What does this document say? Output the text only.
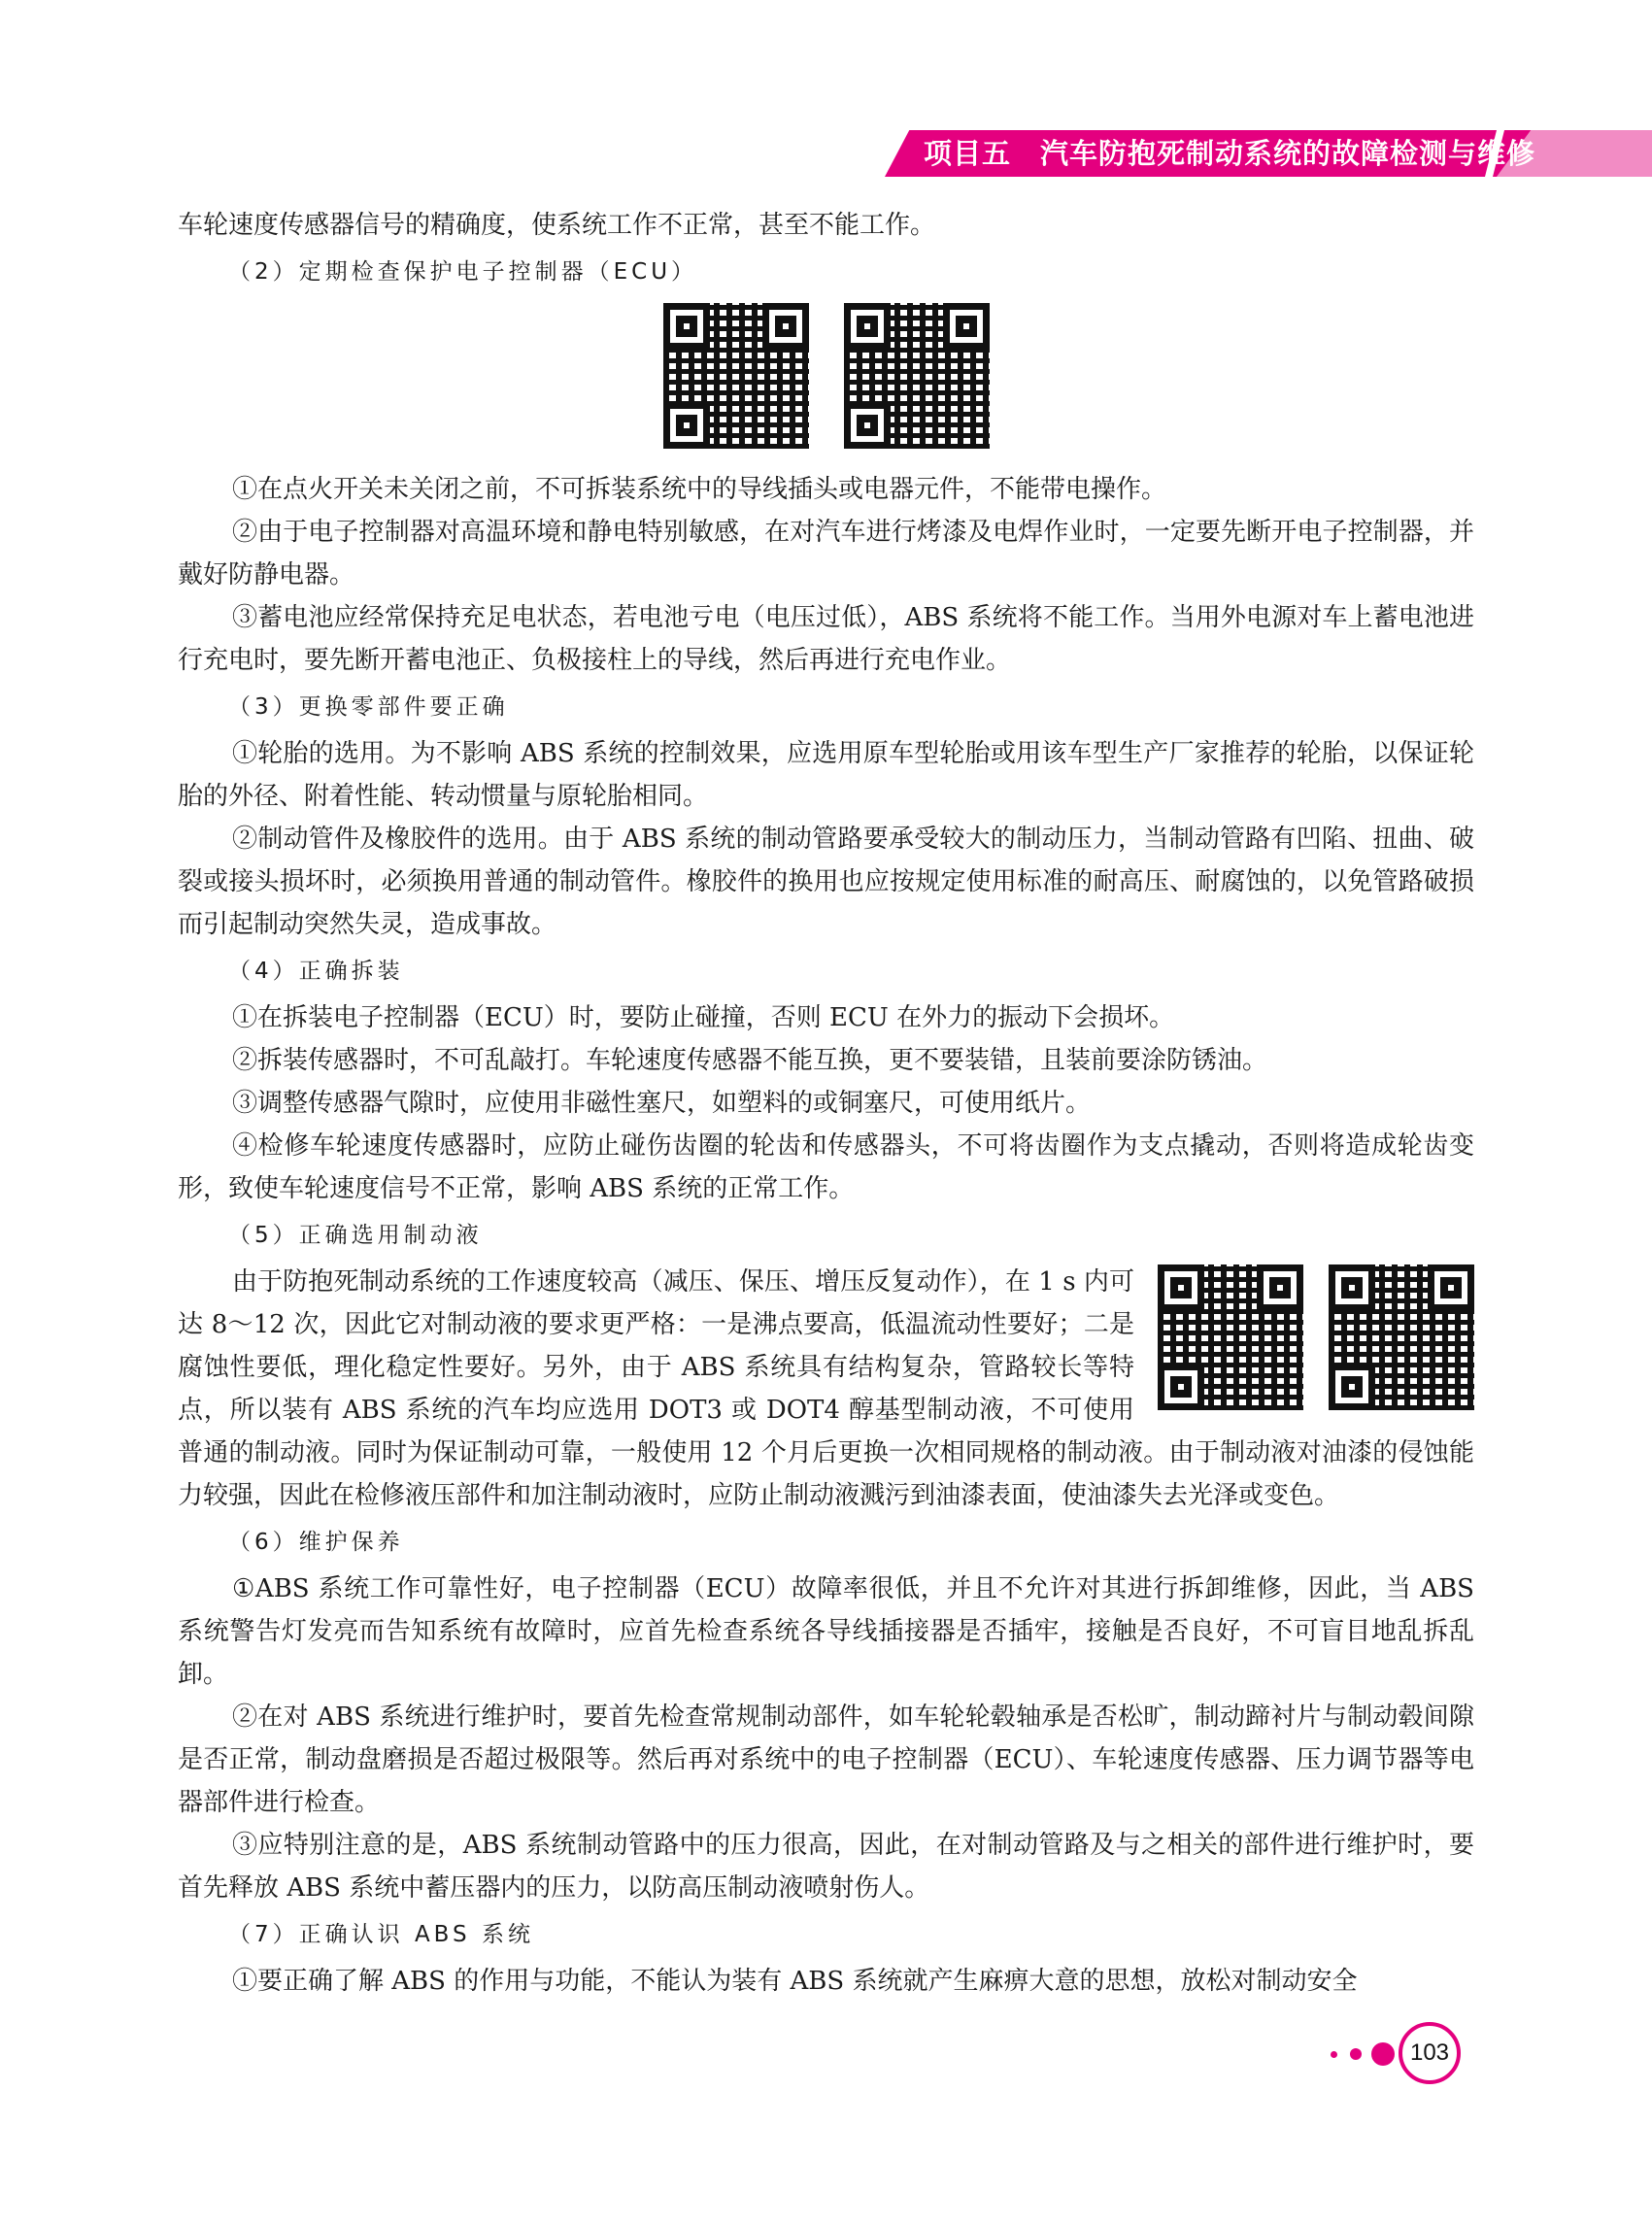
项目五　汽车防抱死制动系统的故障检测与维修

车轮速度传感器信号的精确度，使系统工作不正常，甚至不能工作。

（2）定期检查保护电子控制器（ECU）

①在点火开关未关闭之前，不可拆装系统中的导线插头或电器元件，不能带电操作。

②由于电子控制器对高温环境和静电特别敏感，在对汽车进行烤漆及电焊作业时，一定要先断开电子控制器，并戴好防静电器。

③蓄电池应经常保持充足电状态，若电池亏电（电压过低），ABS 系统将不能工作。当用外电源对车上蓄电池进行充电时，要先断开蓄电池正、负极接柱上的导线，然后再进行充电作业。

（3）更换零部件要正确

①轮胎的选用。为不影响 ABS 系统的控制效果，应选用原车型轮胎或用该车型生产厂家推荐的轮胎，以保证轮胎的外径、附着性能、转动惯量与原轮胎相同。

②制动管件及橡胶件的选用。由于 ABS 系统的制动管路要承受较大的制动压力，当制动管路有凹陷、扭曲、破裂或接头损坏时，必须换用普通的制动管件。橡胶件的换用也应按规定使用标准的耐高压、耐腐蚀的，以免管路破损而引起制动突然失灵，造成事故。

（4）正确拆装

①在拆装电子控制器（ECU）时，要防止碰撞，否则 ECU 在外力的振动下会损坏。

②拆装传感器时，不可乱敲打。车轮速度传感器不能互换，更不要装错，且装前要涂防锈油。

③调整传感器气隙时，应使用非磁性塞尺，如塑料的或铜塞尺，可使用纸片。

④检修车轮速度传感器时，应防止碰伤齿圈的轮齿和传感器头，不可将齿圈作为支点撬动，否则将造成轮齿变形，致使车轮速度信号不正常，影响 ABS 系统的正常工作。

（5）正确选用制动液

由于防抱死制动系统的工作速度较高（减压、保压、增压反复动作），在 1 s 内可达 8～12 次，因此它对制动液的要求更严格：一是沸点要高，低温流动性要好；二是腐蚀性要低，理化稳定性要好。另外，由于 ABS 系统具有结构复杂，管路较长等特点，所以装有 ABS 系统的汽车均应选用 DOT3 或 DOT4 醇基型制动液，不可使用普通的制动液。同时为保证制动可靠，一般使用 12 个月后更换一次相同规格的制动液。由于制动液对油漆的侵蚀能力较强，因此在检修液压部件和加注制动液时，应防止制动液溅污到油漆表面，使油漆失去光泽或变色。

（6）维护保养

①ABS 系统工作可靠性好，电子控制器（ECU）故障率很低，并且不允许对其进行拆卸维修，因此，当 ABS 系统警告灯发亮而告知系统有故障时，应首先检查系统各导线插接器是否插牢，接触是否良好，不可盲目地乱拆乱卸。

②在对 ABS 系统进行维护时，要首先检查常规制动部件，如车轮轮毂轴承是否松旷，制动蹄衬片与制动毂间隙是否正常，制动盘磨损是否超过极限等。然后再对系统中的电子控制器（ECU）、车轮速度传感器、压力调节器等电器部件进行检查。

③应特别注意的是，ABS 系统制动管路中的压力很高，因此，在对制动管路及与之相关的部件进行维护时，要首先释放 ABS 系统中蓄压器内的压力，以防高压制动液喷射伤人。

（7）正确认识 ABS 系统

①要正确了解 ABS 的作用与功能，不能认为装有 ABS 系统就产生麻痹大意的思想，放松对制动安全

103
